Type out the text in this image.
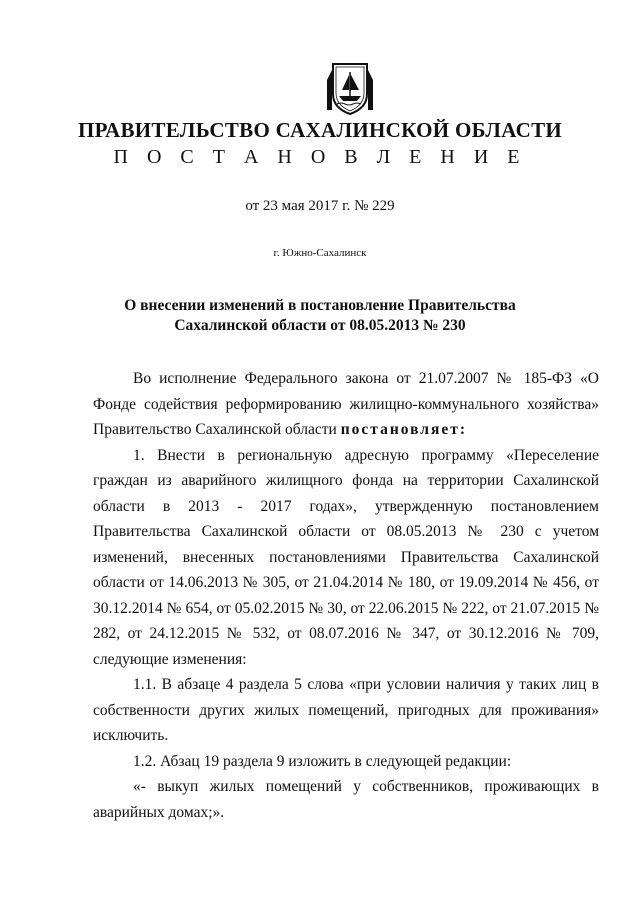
ПРАВИТЕЛЬСТВО САХАЛИНСКОЙ ОБЛАСТИ
П О С Т А Н О В Л Е Н И Е
от 23 мая 2017 г. № 229
г. Южно-Сахалинск
О внесении изменений в постановление Правительства
Сахалинской области от 08.05.2013 № 230

Во исполнение Федерального закона от 21.07.2007 № 185-ФЗ «О Фонде содействия реформированию жилищно-коммунального хозяйства» Правительство Сахалинской области постановляет:

1. Внести в региональную адресную программу «Переселение граждан из аварийного жилищного фонда на территории Сахалинской области в 2013 - 2017 годах», утвержденную постановлением Правительства Сахалинской области от 08.05.2013 № 230 с учетом изменений, внесенных постановлениями Правительства Сахалинской области от 14.06.2013 № 305, от 21.04.2014 № 180, от 19.09.2014 № 456, от 30.12.2014 № 654, от 05.02.2015 № 30, от 22.06.2015 № 222, от 21.07.2015 № 282, от 24.12.2015 № 532, от 08.07.2016 № 347, от 30.12.2016 № 709, следующие изменения:

1.1. В абзаце 4 раздела 5 слова «при условии наличия у таких лиц в собственности других жилых помещений, пригодных для проживания» исключить.

1.2. Абзац 19 раздела 9 изложить в следующей редакции:

«- выкуп жилых помещений у собственников, проживающих в аварийных домах;».
